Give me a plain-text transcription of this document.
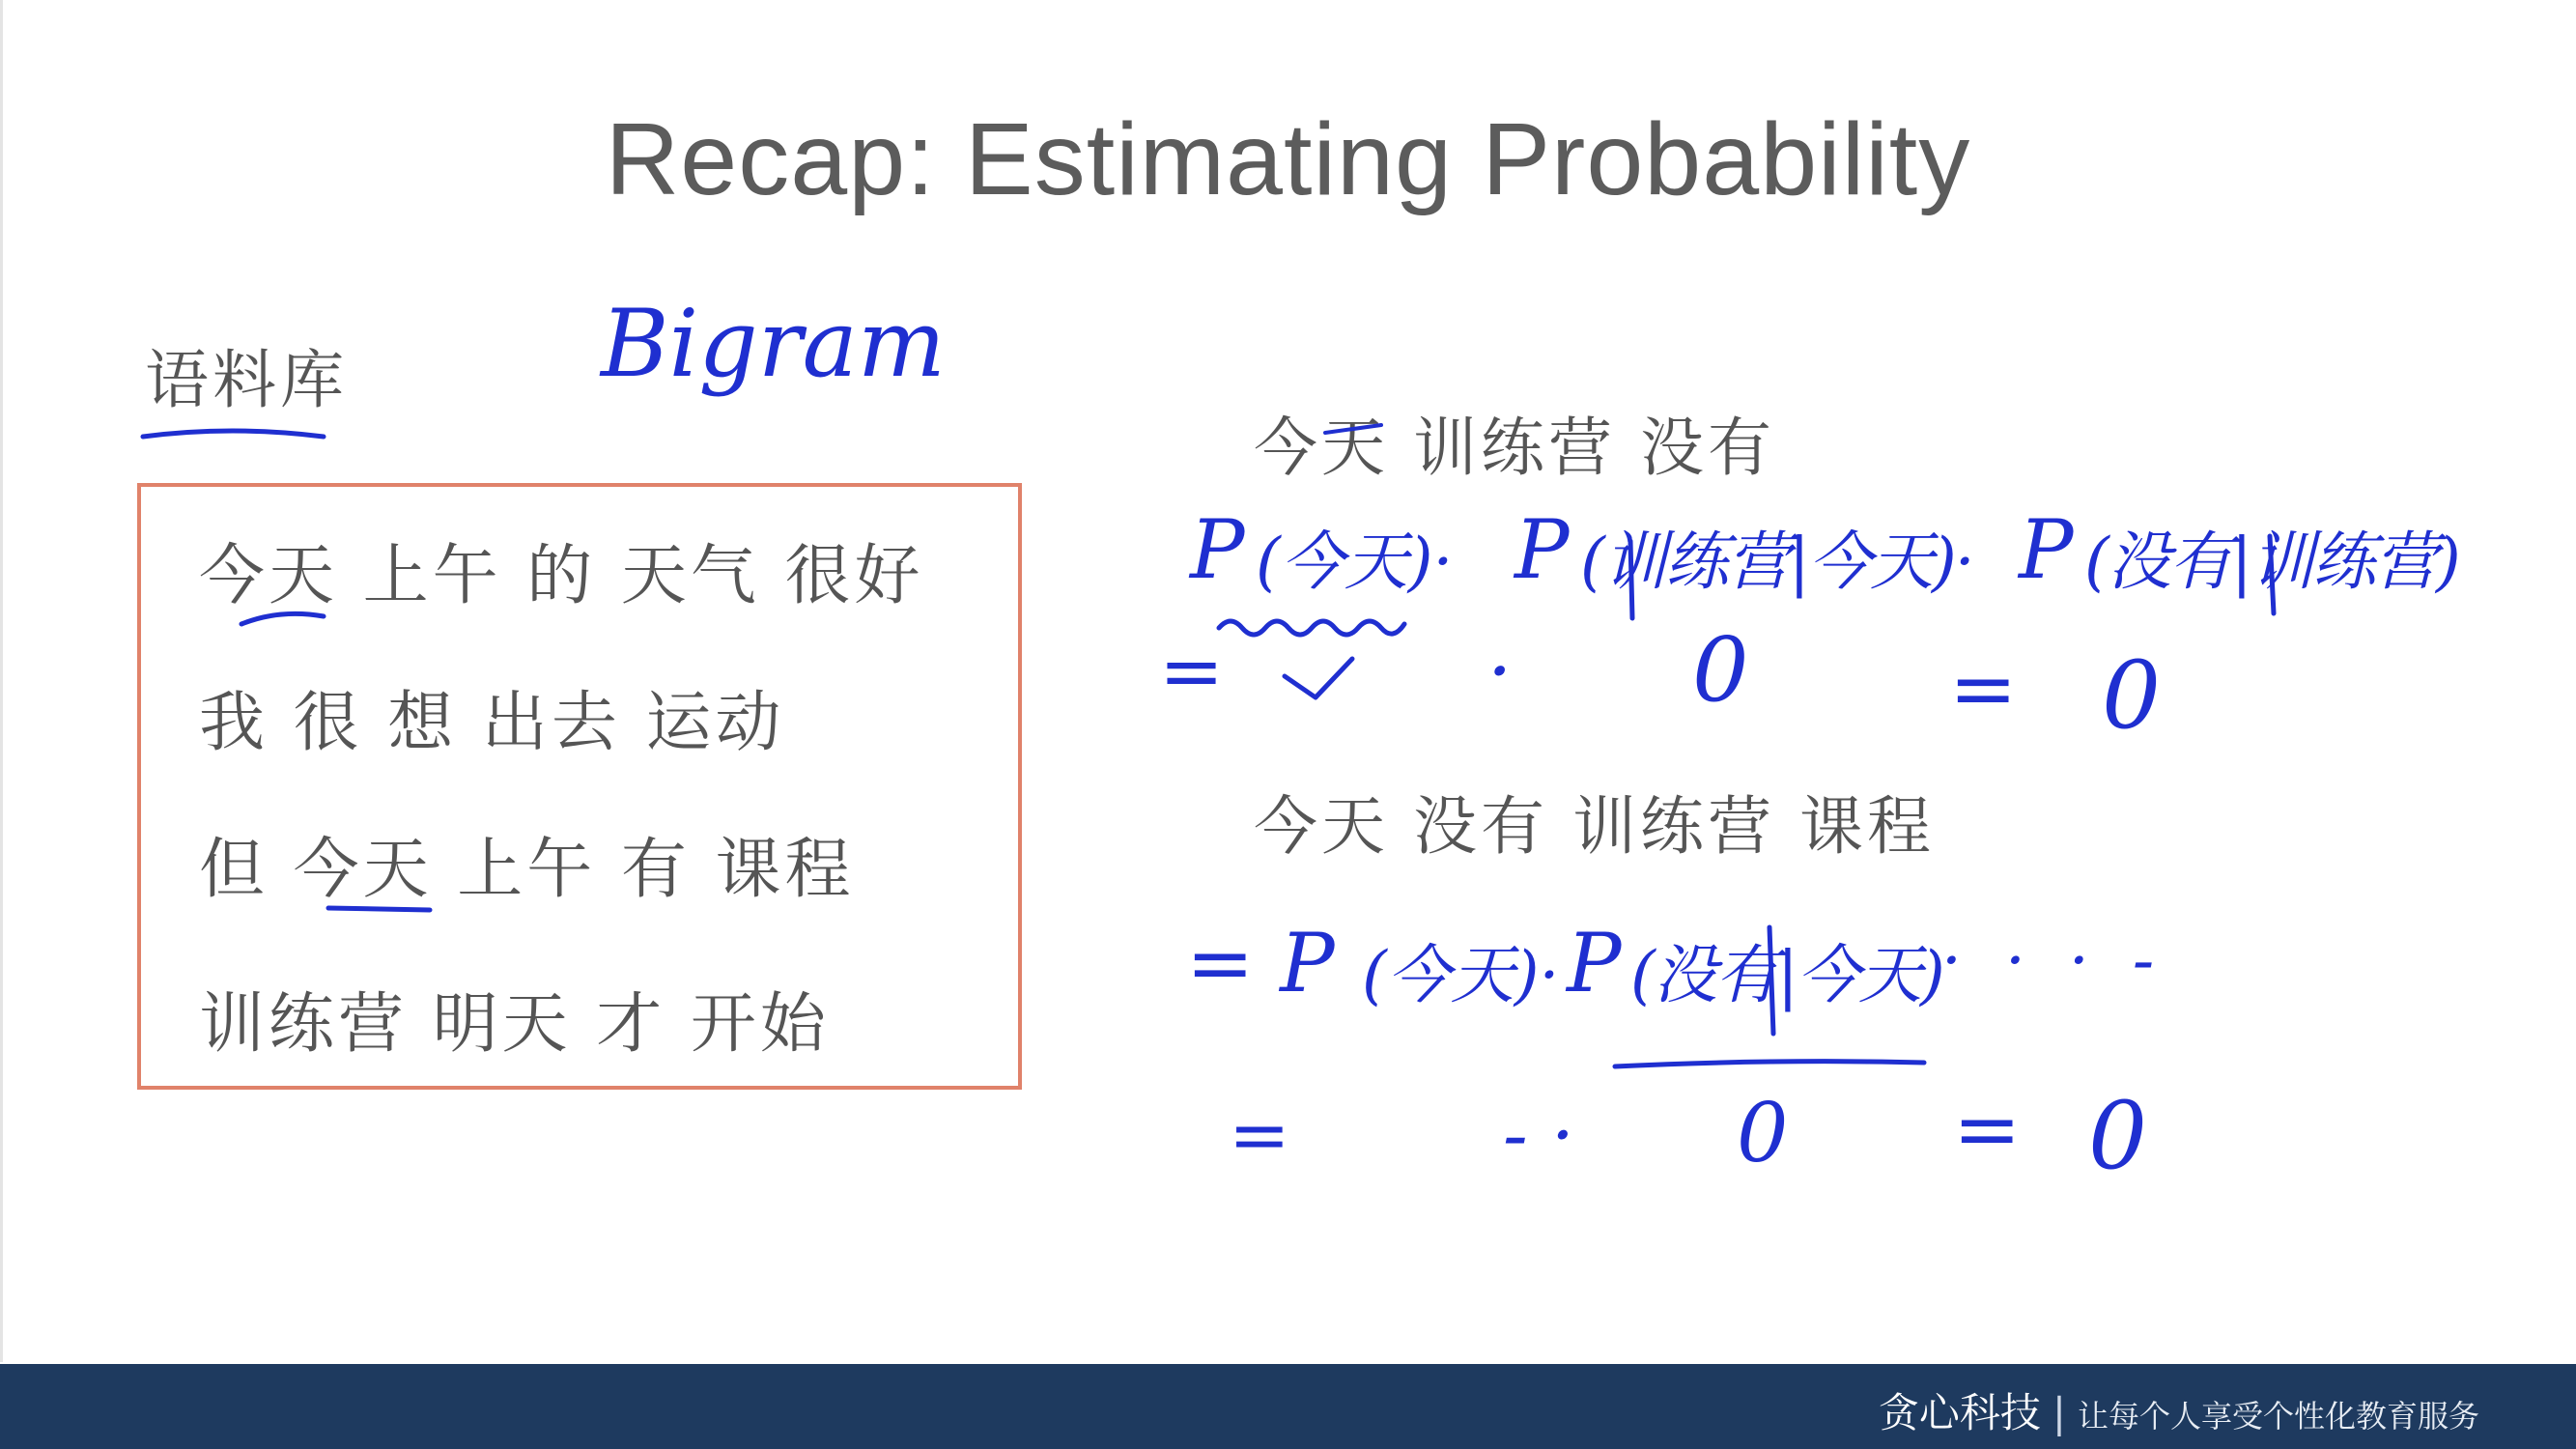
Recap: Estimating Probability
语料库
今天 上午 的 天气 很好
我 很 想 出去 运动
但 今天 上午 有 课程
训练营 明天 才 开始
今天 训练营 没有
今天 没有 训练营 课程
Bigram
P (今天)· P (训练营|今天)· P (没有|训练营)
=	· 0 = 0
= P (今天)· P (没有|今天)
· · · -
=	- · 0 = 0
贪心科技 | 让每个人享受个性化教育服务
